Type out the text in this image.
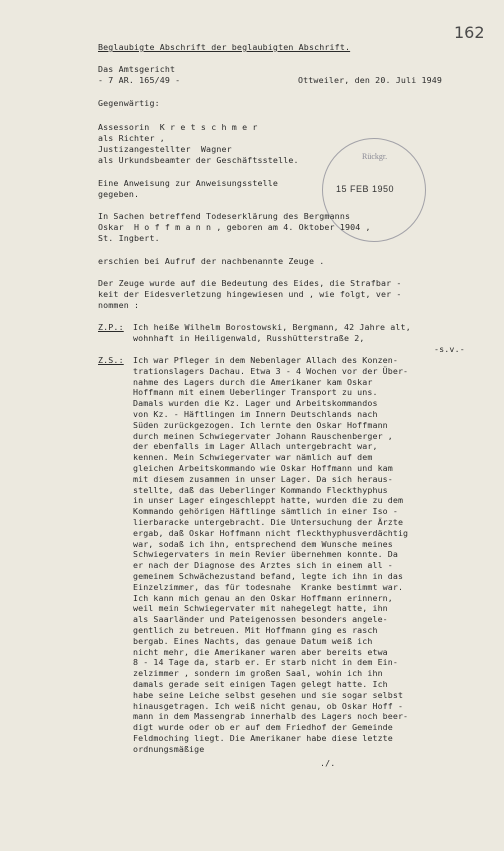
162
Beglaubigte Abschrift der beglaubigten Abschrift.
Das Amtsgericht
- 7 AR. 165/49 -	Ottweiler, den 20. Juli 1949
Gegenwärtig:
Assessorin  K r e t s c h m e r
als Richter ,
Justizangestellter  Wagner
als Urkundsbeamter der Geschäftsstelle.	Rückgr.
15 FEB 1950
Eine Anweisung zur Anweisungsstelle
gegeben.
In Sachen betreffend Todeserklärung des Bergmanns
Oskar  H o f f m a n n , geboren am 4. Oktober 1904 ,
St. Ingbert.
erschien bei Aufruf der nachbenannte Zeuge .
Der Zeuge wurde auf die Bedeutung des Eides, die Strafbar -
keit der Eidesverletzung hingewiesen und , wie folgt, ver -
nommen :
Z.P.: Ich heiße Wilhelm Borostowski, Bergmann, 42 Jahre alt,
wohnhaft in Heiligenwald, Russhütterstraße 2,
-s.v.-
Z.S.: Ich war Pfleger in dem Nebenlager Allach des Konzen-
trationslagers Dachau. Etwa 3 - 4 Wochen vor der Über-
nahme des Lagers durch die Amerikaner kam Oskar
Hoffmann mit einem Ueberlinger Transport zu uns.
Damals wurden die Kz. Lager und Arbeitskommandos
von Kz. - Häftlingen im Innern Deutschlands nach
Süden zurückgezogen. Ich lernte den Oskar Hoffmann
durch meinen Schwiegervater Johann Rauschenberger ,
der ebenfalls im Lager Allach untergebracht war,
kennen. Mein Schwiegervater war nämlich auf dem
gleichen Arbeitskommando wie Oskar Hoffmann und kam
mit diesem zusammen in unser Lager. Da sich heraus-
stellte, daß das Ueberlinger Kommando Fleckthyphus
in unser Lager eingeschleppt hatte, wurden die zu dem
Kommando gehörigen Häftlinge sämtlich in einer Iso -
lierbaracke untergebracht. Die Untersuchung der Ärzte
ergab, daß Oskar Hoffmann nicht fleckthyphusverdächtig
war, sodaß ich ihn, entsprechend dem Wunsche meines
Schwiegervaters in mein Revier übernehmen konnte. Da
er nach der Diagnose des Arztes sich in einem all -
gemeinem Schwächezustand befand, legte ich ihn in das
Einzelzimmer, das für todesnahe  Kranke bestimmt war.
Ich kann mich genau an den Oskar Hoffmann erinnern,
weil mein Schwiegervater mit nahegelegt hatte, ihn
als Saarländer und Pateigenossen besonders angele-
gentlich zu betreuen. Mit Hoffmann ging es rasch
bergab. Eines Nachts, das genaue Datum weiß ich
nicht mehr, die Amerikaner waren aber bereits etwa
8 - 14 Tage da, starb er. Er starb nicht in dem Ein-
zelzimmer , sondern im großen Saal, wohin ich ihn
damals gerade seit einigen Tagen gelegt hatte. Ich
habe seine Leiche selbst gesehen und sie sogar selbst
hinausgetragen. Ich weiß nicht genau, ob Oskar Hoff -
mann in dem Massengrab innerhalb des Lagers noch beer-
digt wurde oder ob er auf dem Friedhof der Gemeinde
Feldmoching liegt. Die Amerikaner habe diese letzte
ordnungsmäßige
./.
